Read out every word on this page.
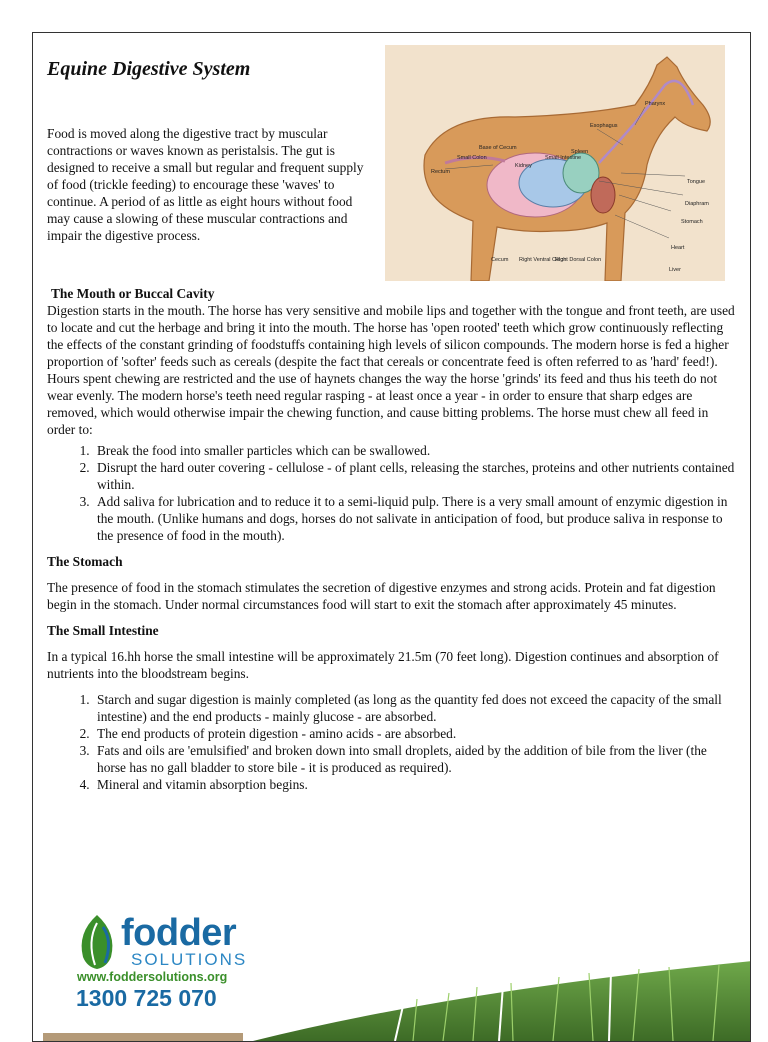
Equine Digestive System

Food is moved along the digestive tract by muscular contractions or waves known as peristalsis. The gut is designed to receive a small but regular and frequent supply of food (trickle feeding) to encourage these 'waves' to continue. A period of as little as eight hours without food may cause a slowing of these muscular contractions and impair the digestive process.

Pharynx
Esophagus
Base of Cecum
Small Colon	Small Intestine
Spleen
Kidney
Rectum
Tongue
Diaphram
Stomach
Heart
Liver
Cecum Right Ventral Colon
Right Dorsal Colon
The Mouth or Buccal Cavity

Digestion starts in the mouth. The horse has very sensitive and mobile lips and together with the tongue and front teeth, are used to locate and cut the herbage and bring it into the mouth. The horse has 'open rooted' teeth which grow continuously reflecting the effects of the constant grinding of foodstuffs containing high levels of silicon compounds. The modern horse is fed a higher proportion of 'softer' feeds such as cereals (despite the fact that cereals or concentrate feed is often referred to as 'hard' feed!). Hours spent chewing are restricted and the use of haynets changes the way the horse 'grinds' its feed and thus his teeth do not wear evenly. The modern horse's teeth need regular rasping - at least once a year - in order to ensure that sharp edges are removed, which would otherwise impair the chewing function, and cause bitting problems. The horse must chew all feed in order to:

1. Break the food into smaller particles which can be swallowed.
2. Disrupt the hard outer covering - cellulose - of plant cells, releasing the starches, proteins and other nutrients contained within.
3. Add saliva for lubrication and to reduce it to a semi-liquid pulp. There is a very small amount of enzymic digestion in the mouth. (Unlike humans and dogs, horses do not salivate in anticipation of food, but produce saliva in response to the presence of food in the mouth).
The Stomach

The presence of food in the stomach stimulates the secretion of digestive enzymes and strong acids. Protein and fat digestion begin in the stomach. Under normal circumstances food will start to exit the stomach after approximately 45 minutes.

The Small Intestine

In a typical 16.hh horse the small intestine will be approximately 21.5m (70 feet long). Digestion continues and absorption of nutrients into the bloodstream begins.

1. Starch and sugar digestion is mainly completed (as long as the quantity fed does not exceed the capacity of the small intestine) and the end products - mainly glucose - are absorbed.
2. The end products of protein digestion - amino acids - are absorbed.
3. Fats and oils are 'emulsified' and broken down into small droplets, aided by the addition of bile from the liver (the horse has no gall bladder to store bile - it is produced as required).
4. Mineral and vitamin absorption begins.
fodder
SOLUTIONS
www.foddersolutions.org
1300 725 070
